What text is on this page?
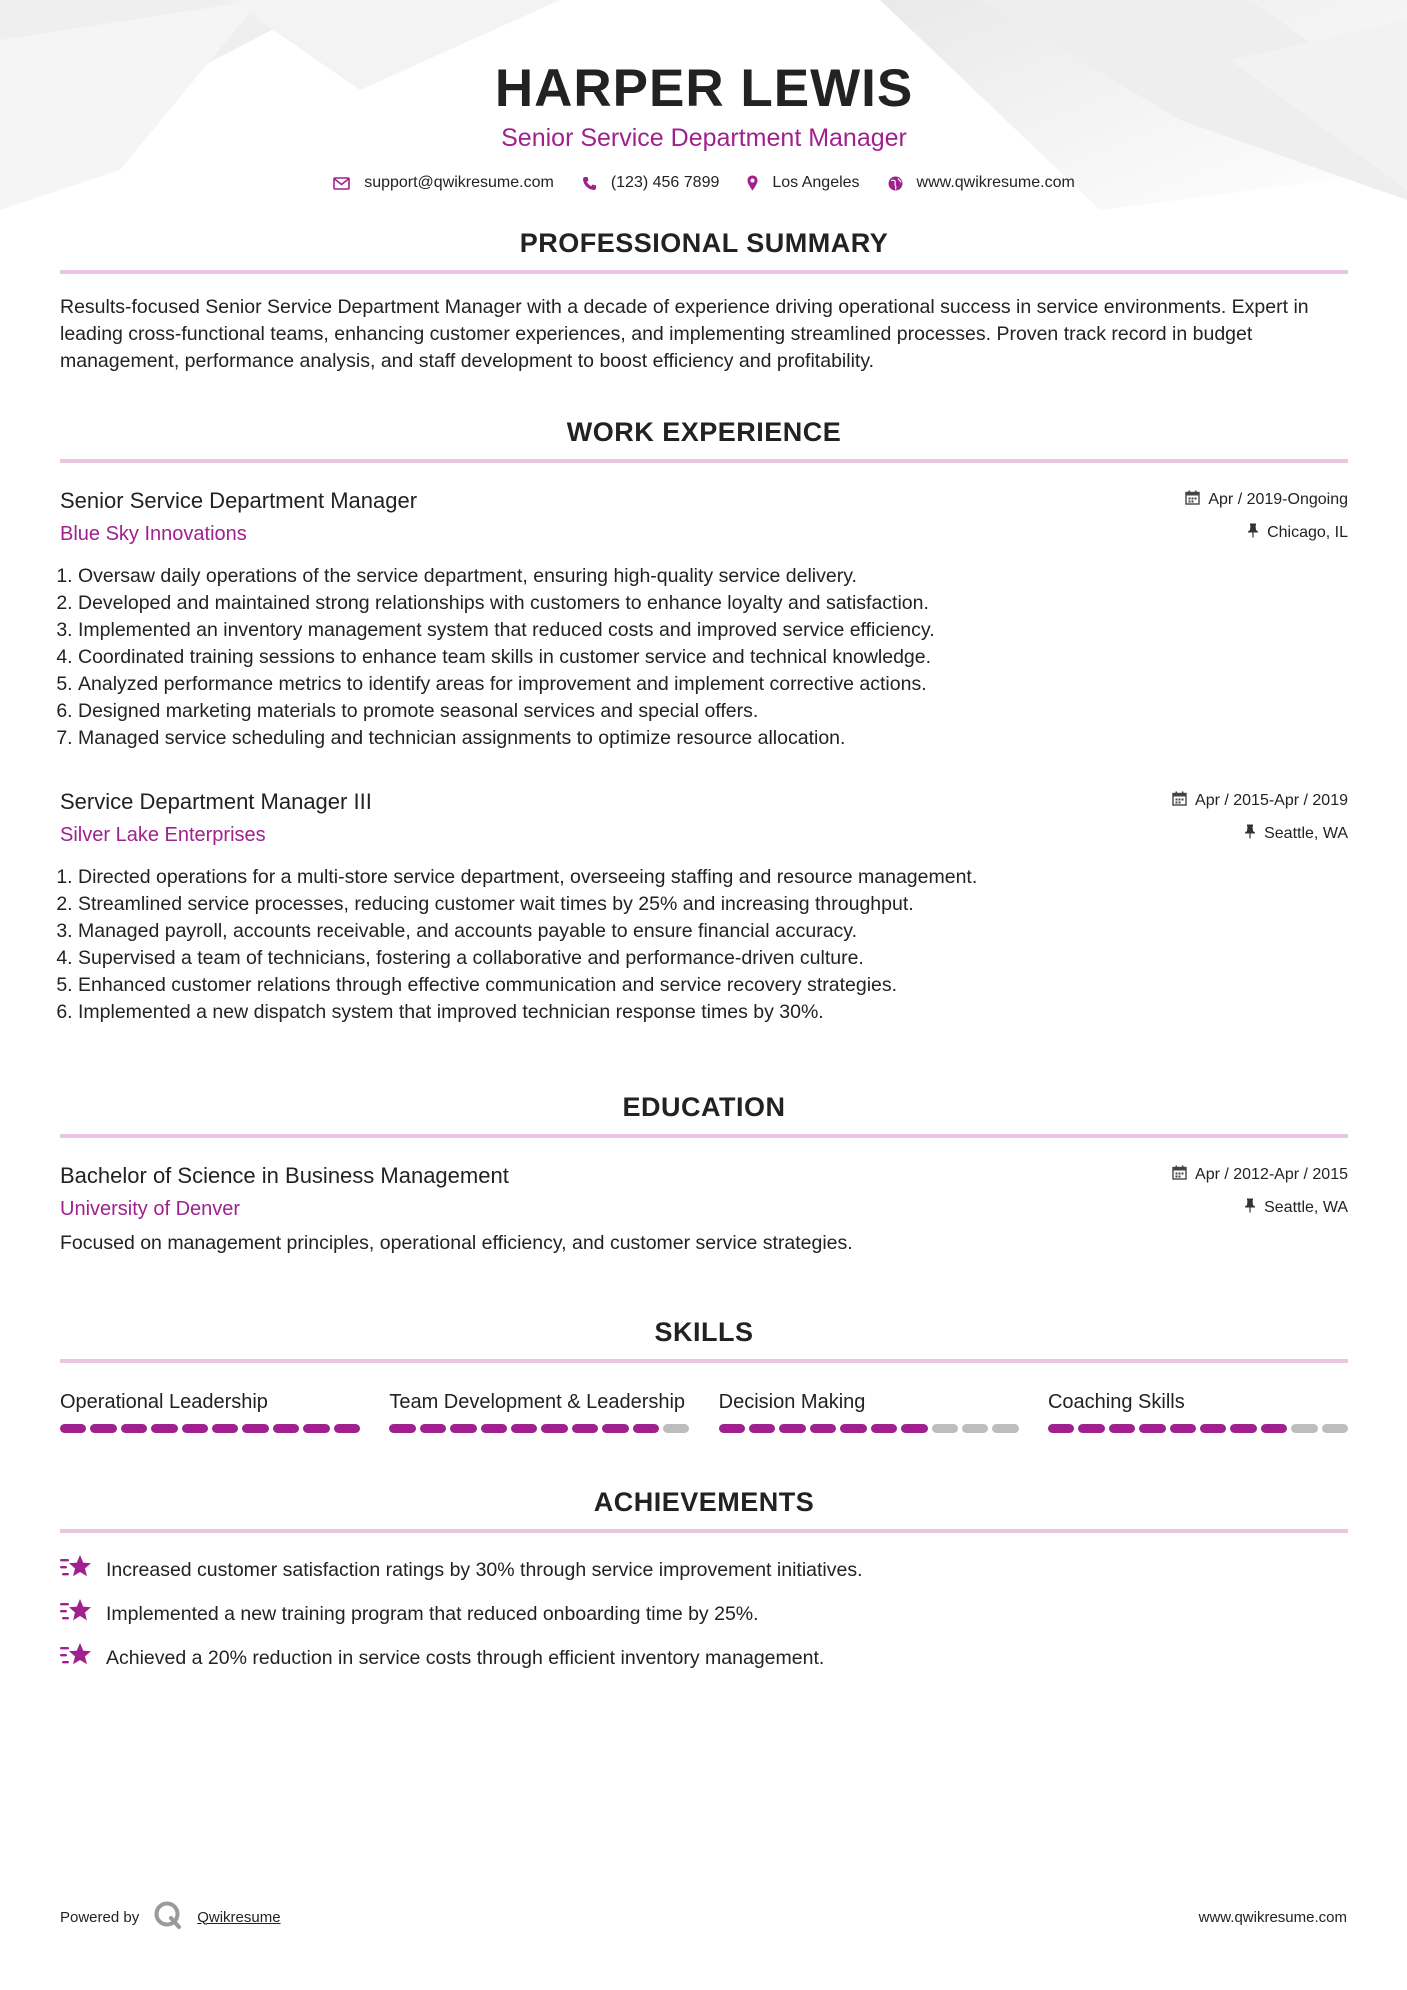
HARPER LEWIS
Senior Service Department Manager
support@qwikresume.com	(123) 456 7899	Los Angeles	www.qwikresume.com
PROFESSIONAL SUMMARY
Results-focused Senior Service Department Manager with a decade of experience driving operational success in service environments. Expert in leading cross-functional teams, enhancing customer experiences, and implementing streamlined processes. Proven track record in budget management, performance analysis, and staff development to boost efficiency and profitability.
WORK EXPERIENCE
Senior Service Department Manager
Blue Sky Innovations
Apr / 2019-Ongoing
Chicago, IL
1. Oversaw daily operations of the service department, ensuring high-quality service delivery.
2. Developed and maintained strong relationships with customers to enhance loyalty and satisfaction.
3. Implemented an inventory management system that reduced costs and improved service efficiency.
4. Coordinated training sessions to enhance team skills in customer service and technical knowledge.
5. Analyzed performance metrics to identify areas for improvement and implement corrective actions.
6. Designed marketing materials to promote seasonal services and special offers.
7. Managed service scheduling and technician assignments to optimize resource allocation.
Service Department Manager III
Silver Lake Enterprises
Apr / 2015-Apr / 2019
Seattle, WA
1. Directed operations for a multi-store service department, overseeing staffing and resource management.
2. Streamlined service processes, reducing customer wait times by 25% and increasing throughput.
3. Managed payroll, accounts receivable, and accounts payable to ensure financial accuracy.
4. Supervised a team of technicians, fostering a collaborative and performance-driven culture.
5. Enhanced customer relations through effective communication and service recovery strategies.
6. Implemented a new dispatch system that improved technician response times by 30%.
EDUCATION
Bachelor of Science in Business Management
University of Denver
Apr / 2012-Apr / 2015
Seattle, WA
Focused on management principles, operational efficiency, and customer service strategies.
SKILLS
Operational Leadership	Team Development & Leadership Decision Making	Coaching Skills
ACHIEVEMENTS
Increased customer satisfaction ratings by 30% through service improvement initiatives.
Implemented a new training program that reduced onboarding time by 25%.
Achieved a 20% reduction in service costs through efficient inventory management.
Powered by	Qwikresume	www.qwikresume.com
